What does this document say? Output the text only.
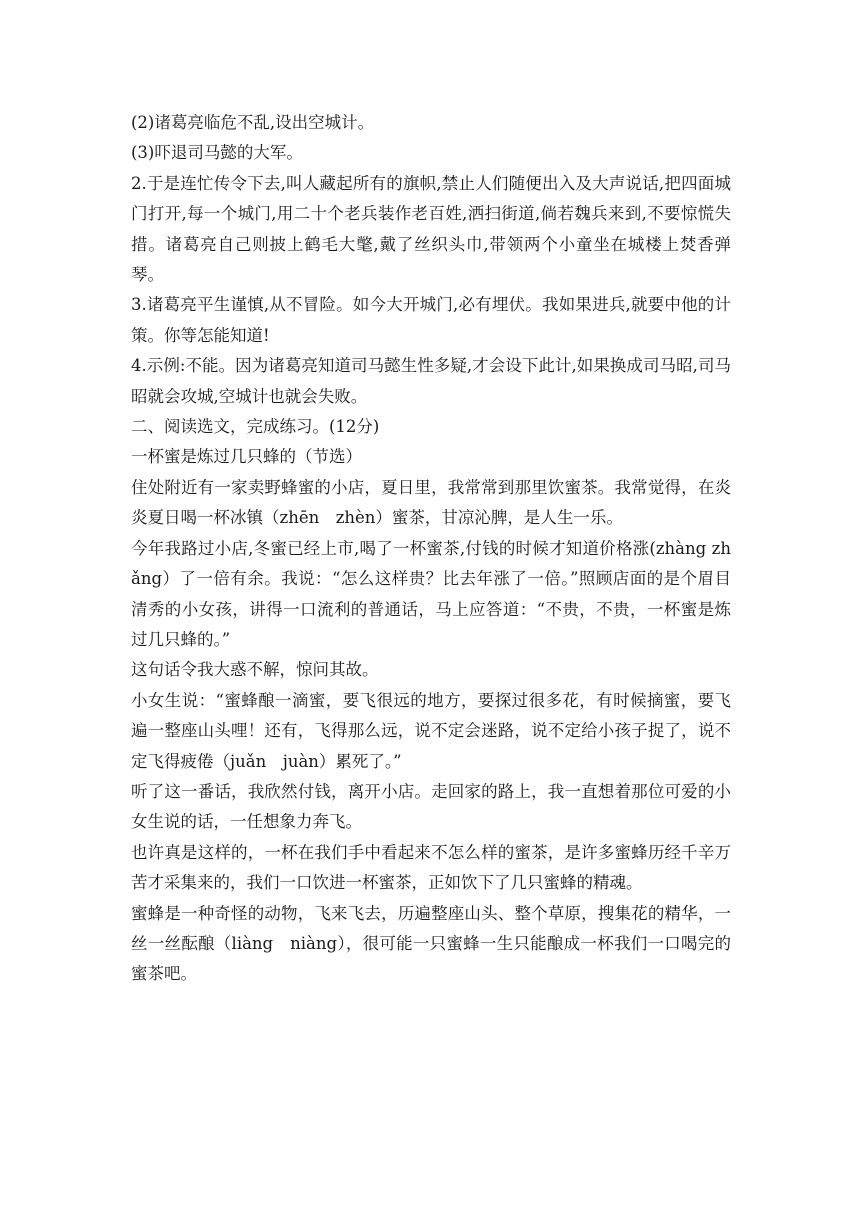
(2)诸葛亮临危不乱,设出空城计。

(3)吓退司马懿的大军。

2.于是连忙传令下去,叫人藏起所有的旗帜,禁止人们随便出入及大声说话,把四面城门打开,每一个城门,用二十个老兵装作老百姓,洒扫街道,倘若魏兵来到,不要惊慌失措。诸葛亮自己则披上鹤毛大氅,戴了丝织头巾,带领两个小童坐在城楼上焚香弹琴。

3.诸葛亮平生谨慎,从不冒险。如今大开城门,必有埋伏。我如果进兵,就要中他的计策。你等怎能知道!

4.示例:不能。因为诸葛亮知道司马懿生性多疑,才会设下此计,如果换成司马昭,司马昭就会攻城,空城计也就会失败。

二、阅读选文，完成练习。(12分)

一杯蜜是炼过几只蜂的（节选）

住处附近有一家卖野蜂蜜的小店，夏日里，我常常到那里饮蜜茶。我常觉得，在炎炎夏日喝一杯冰镇（zhēn　zhèn）蜜茶，甘凉沁脾，是人生一乐。

今年我路过小店,冬蜜已经上市,喝了一杯蜜茶,付钱的时候才知道价格涨(zhàng zhǎng）了一倍有余。我说：“怎么这样贵？比去年涨了一倍。”照顾店面的是个眉目清秀的小女孩，讲得一口流利的普通话，马上应答道：“不贵，不贵，一杯蜜是炼过几只蜂的。”

这句话令我大惑不解，惊问其故。

小女生说：“蜜蜂酿一滴蜜，要飞很远的地方，要探过很多花，有时候摘蜜，要飞遍一整座山头哩！还有，飞得那么远，说不定会迷路，说不定给小孩子捉了，说不定飞得疲倦（juǎn　juàn）累死了。”

听了这一番话，我欣然付钱，离开小店。走回家的路上，我一直想着那位可爱的小女生说的话，一任想象力奔飞。

也许真是这样的，一杯在我们手中看起来不怎么样的蜜茶，是许多蜜蜂历经千辛万苦才采集来的，我们一口饮进一杯蜜茶，正如饮下了几只蜜蜂的精魂。

蜜蜂是一种奇怪的动物，飞来飞去，历遍整座山头、整个草原，搜集花的精华，一丝一丝酝酿（liàng　niàng），很可能一只蜜蜂一生只能酿成一杯我们一口喝完的蜜茶吧。
